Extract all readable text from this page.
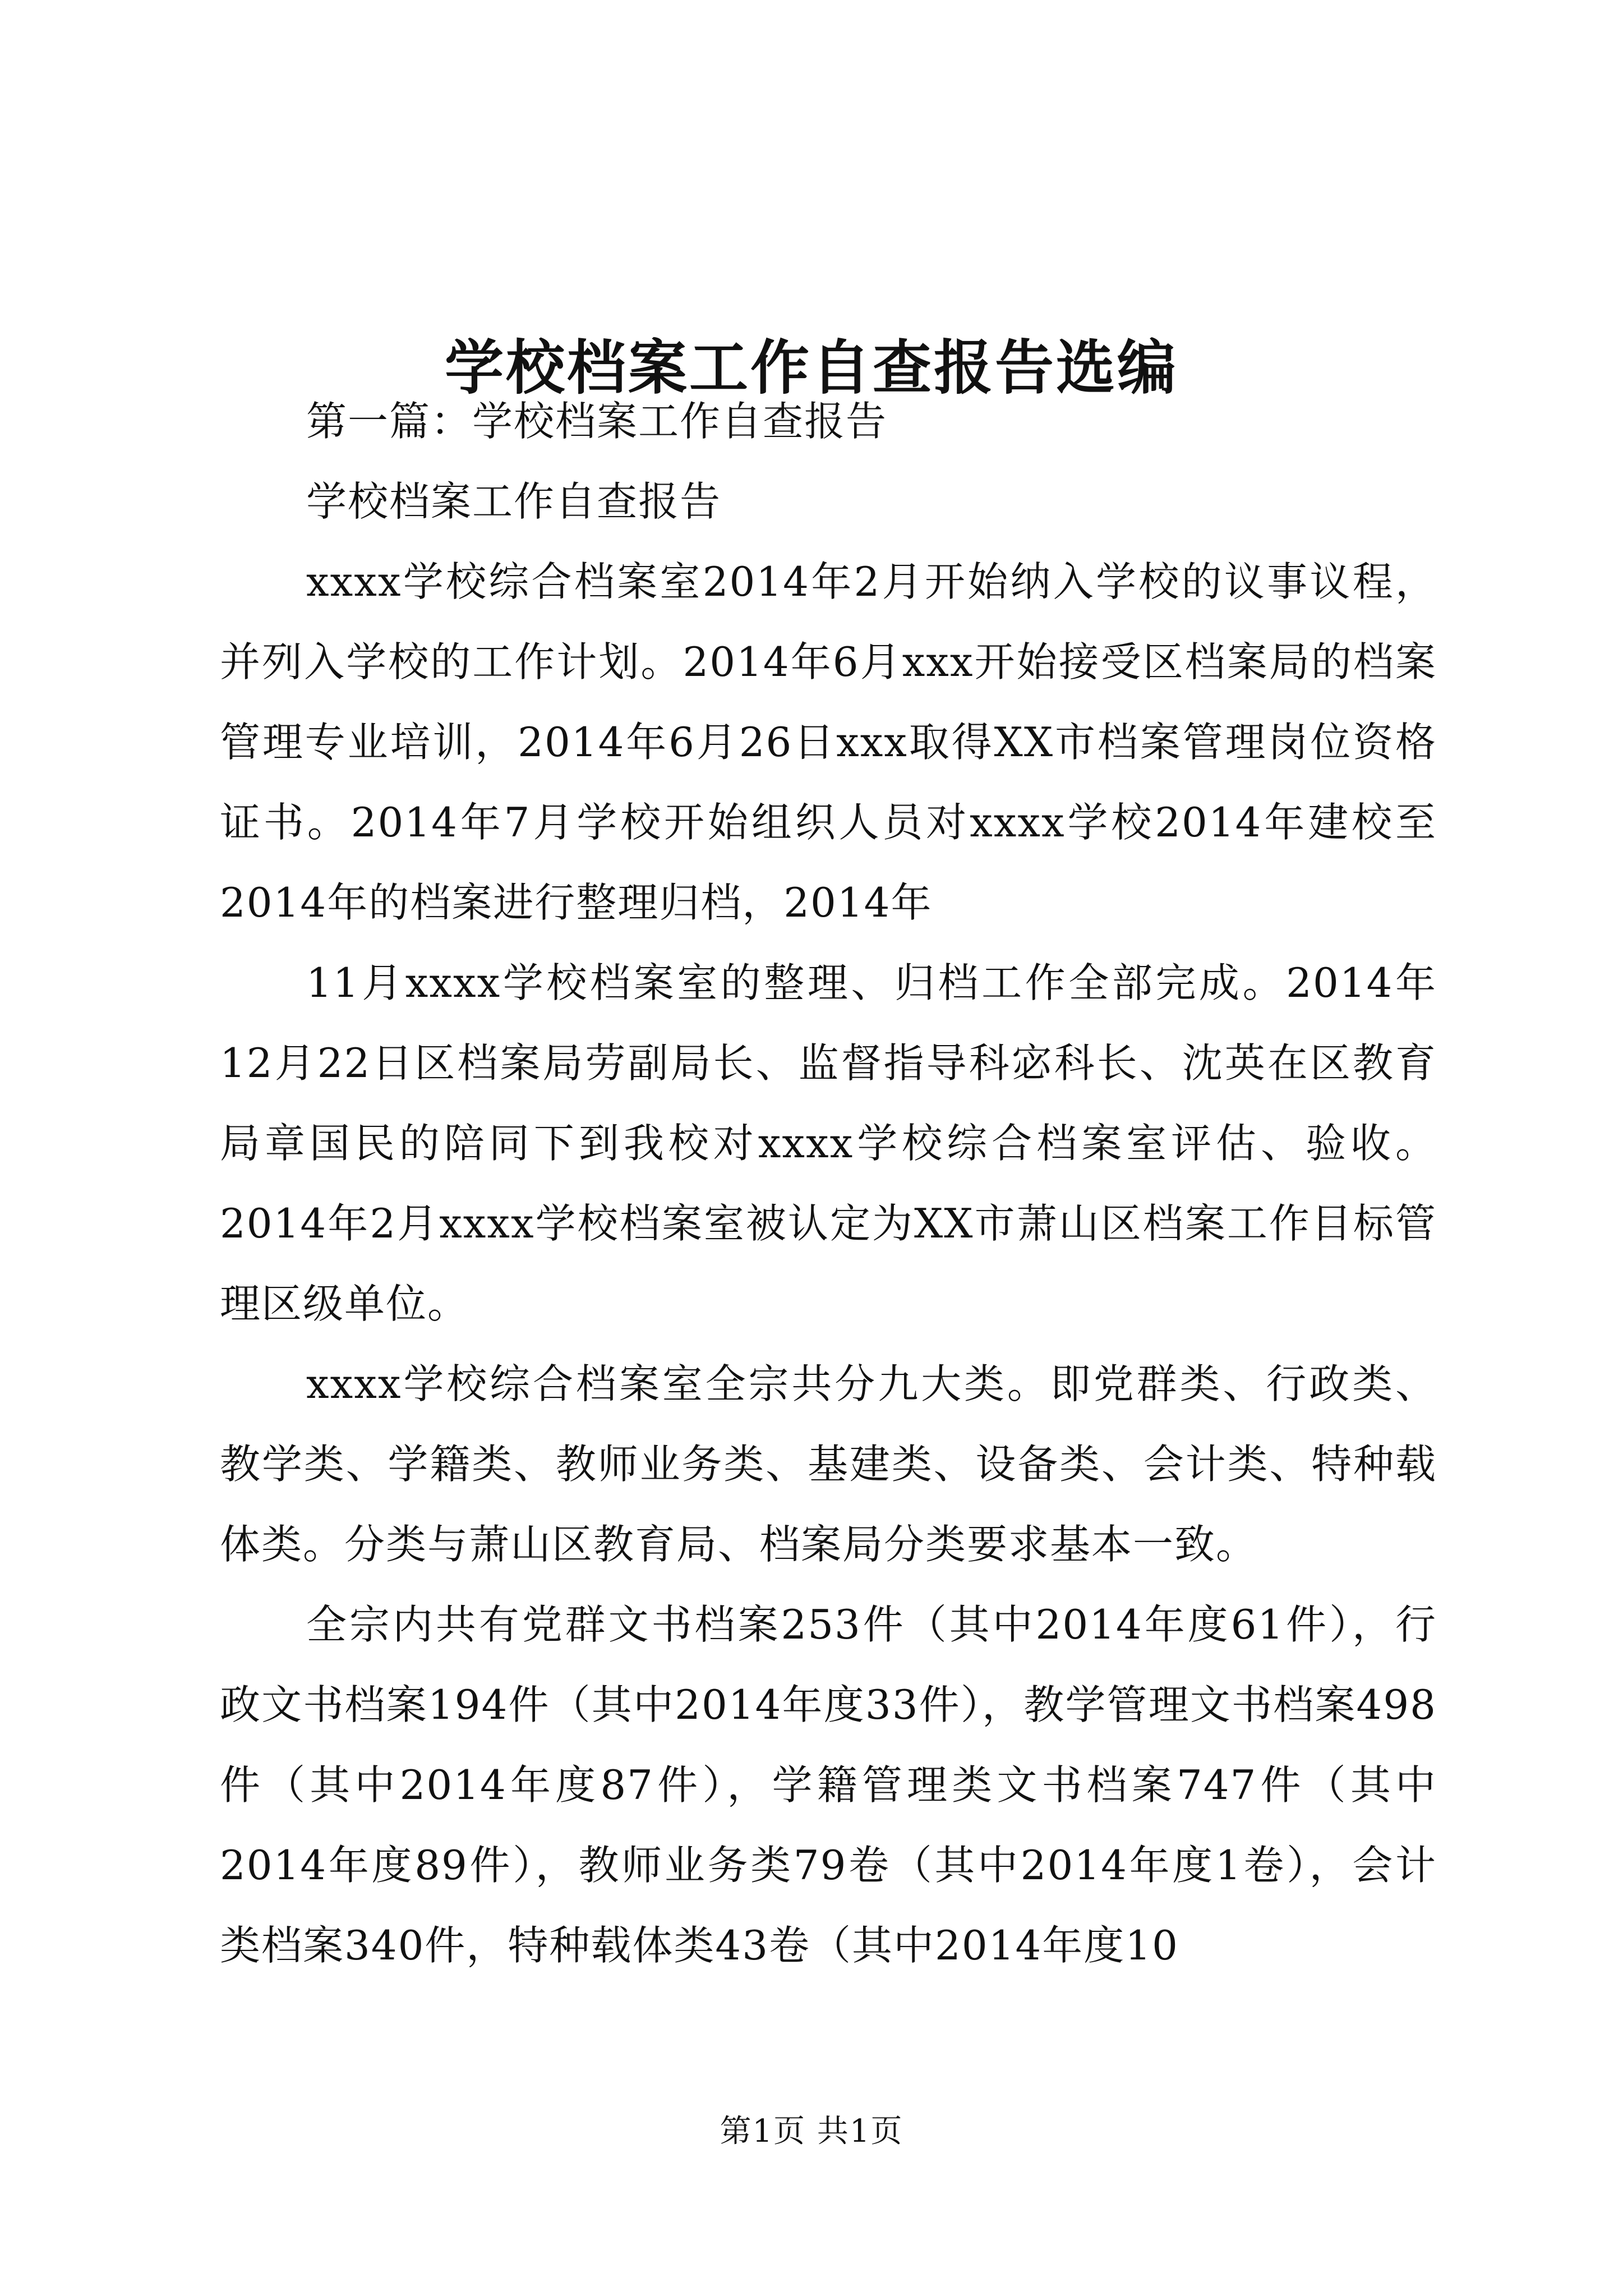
学校档案工作自查报告选编

第一篇：学校档案工作自查报告

学校档案工作自查报告

xxxx学校综合档案室2014年2月开始纳入学校的议事议程，并列入学校的工作计划。2014年6月xxx开始接受区档案局的档案管理专业培训，2014年6月26日xxx取得XX市档案管理岗位资格证书。2014年7月学校开始组织人员对xxxx学校2014年建校至2014年的档案进行整理归档，2014年

11月xxxx学校档案室的整理、归档工作全部完成。2014年12月22日区档案局劳副局长、监督指导科宓科长、沈英在区教育局章国民的陪同下到我校对xxxx学校综合档案室评估、验收。2014年2月xxxx学校档案室被认定为XX市萧山区档案工作目标管理区级单位。

xxxx学校综合档案室全宗共分九大类。即党群类、行政类、教学类、学籍类、教师业务类、基建类、设备类、会计类、特种载体类。分类与萧山区教育局、档案局分类要求基本一致。

全宗内共有党群文书档案253件（其中2014年度61件），行政文书档案194件（其中2014年度33件），教学管理文书档案498件（其中2014年度87件），学籍管理类文书档案747件（其中2014年度89件），教师业务类79卷（其中2014年度1卷），会计类档案340件，特种载体类43卷（其中2014年度10

第1页 共1页
